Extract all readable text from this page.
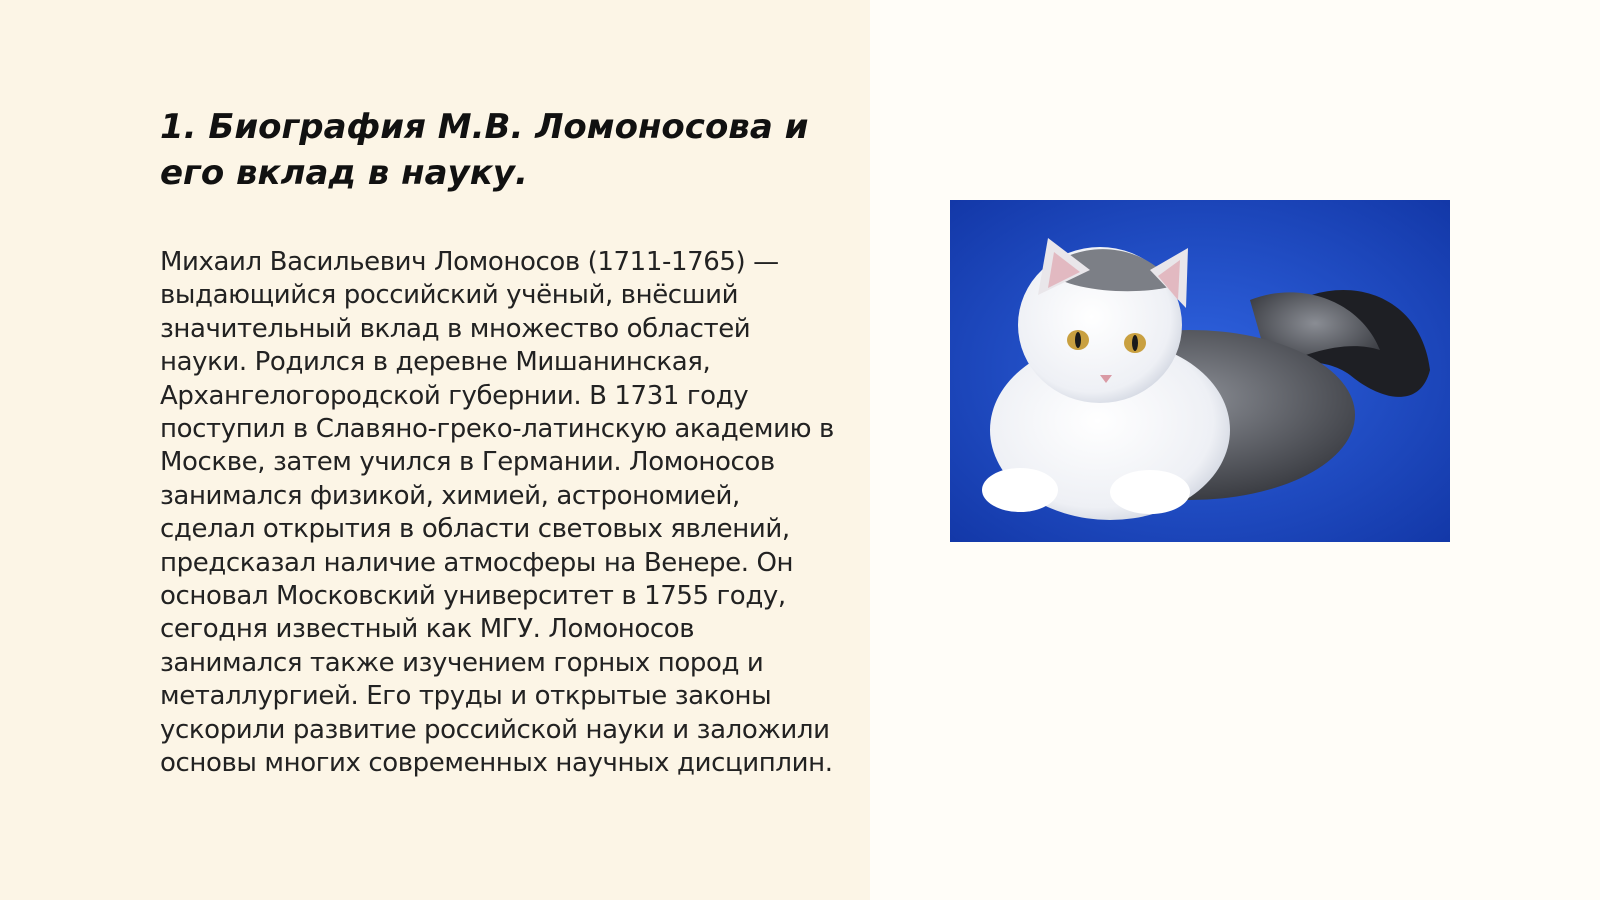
1. Биография М.В. Ломоносова и его вклад в науку.

Михаил Васильевич Ломоносов (1711-1765) — выдающийся российский учёный, внёсший значительный вклад в множество областей науки. Родился в деревне Мишанинская, Архангелогородской губернии. В 1731 году поступил в Славяно-греко-латинскую академию в Москве, затем учился в Германии. Ломоносов занимался физикой, химией, астрономией, сделал открытия в области световых явлений, предсказал наличие атмосферы на Венере. Он основал Московский университет в 1755 году, сегодня известный как МГУ. Ломоносов занимался также изучением горных пород и металлургией. Его труды и открытые законы ускорили развитие российской науки и заложили основы многих современных научных дисциплин.
